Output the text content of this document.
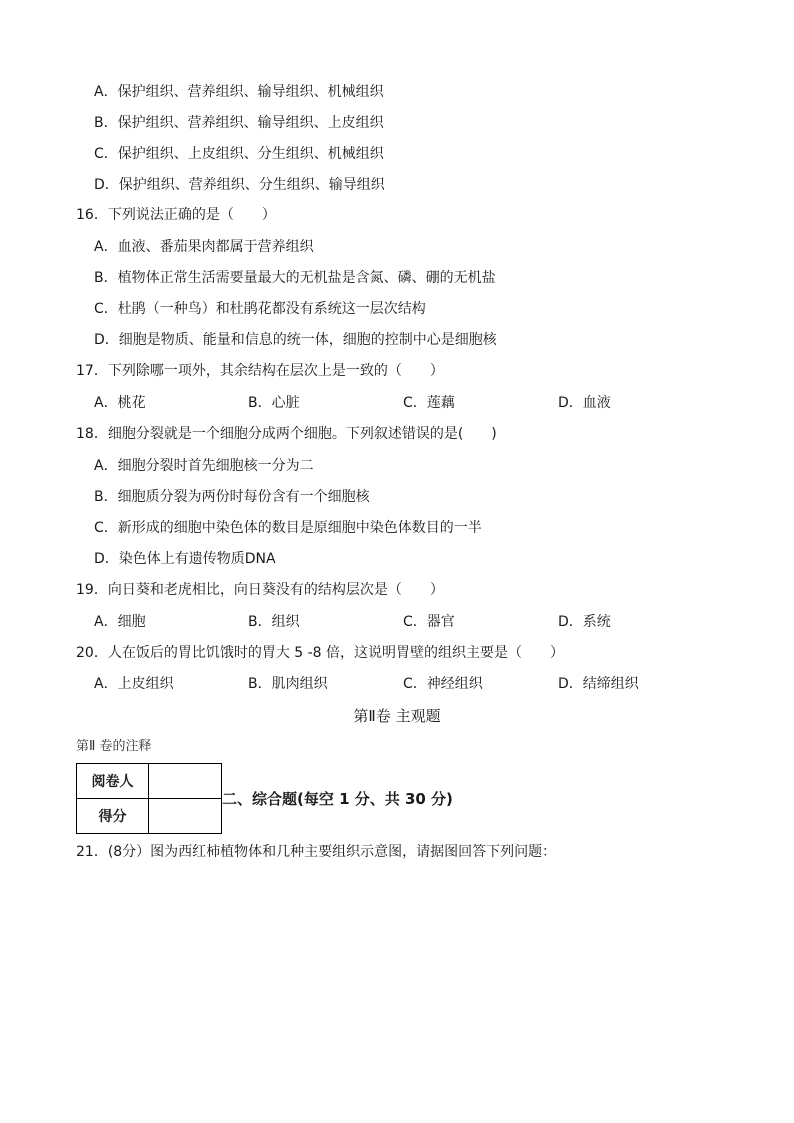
A．保护组织、营养组织、输导组织、机械组织
B．保护组织、营养组织、输导组织、上皮组织
C．保护组织、上皮组织、分生组织、机械组织
D．保护组织、营养组织、分生组织、输导组织
16．下列说法正确的是（　　）
A．血液、番茄果肉都属于营养组织
B．植物体正常生活需要量最大的无机盐是含氮、磷、硼的无机盐
C．杜鹃（一种鸟）和杜鹃花都没有系统这一层次结构
D．细胞是物质、能量和信息的统一体，细胞的控制中心是细胞核
17．下列除哪一项外，其余结构在层次上是一致的（　　）
A．桃花	B．心脏	C．莲藕	D．血液
18．细胞分裂就是一个细胞分成两个细胞。下列叙述错误的是(　　)
A．细胞分裂时首先细胞核一分为二
B．细胞质分裂为两份时每份含有一个细胞核
C．新形成的细胞中染色体的数目是原细胞中染色体数目的一半
D．染色体上有遗传物质DNA
19．向日葵和老虎相比，向日葵没有的结构层次是（　　）
A．细胞	B．组织	C．器官	D．系统
20．人在饭后的胃比饥饿时的胃大 5 -8 倍，这说明胃壁的组织主要是（　　）
A．上皮组织	B．肌肉组织	C．神经组织	D．结缔组织
第Ⅱ卷 主观题
第Ⅱ 卷的注释
阅卷人	
得分	
二、综合题(每空 1 分、共 30 分)
21．(8分）图为西红柿植物体和几种主要组织示意图，请据图回答下列问题：
